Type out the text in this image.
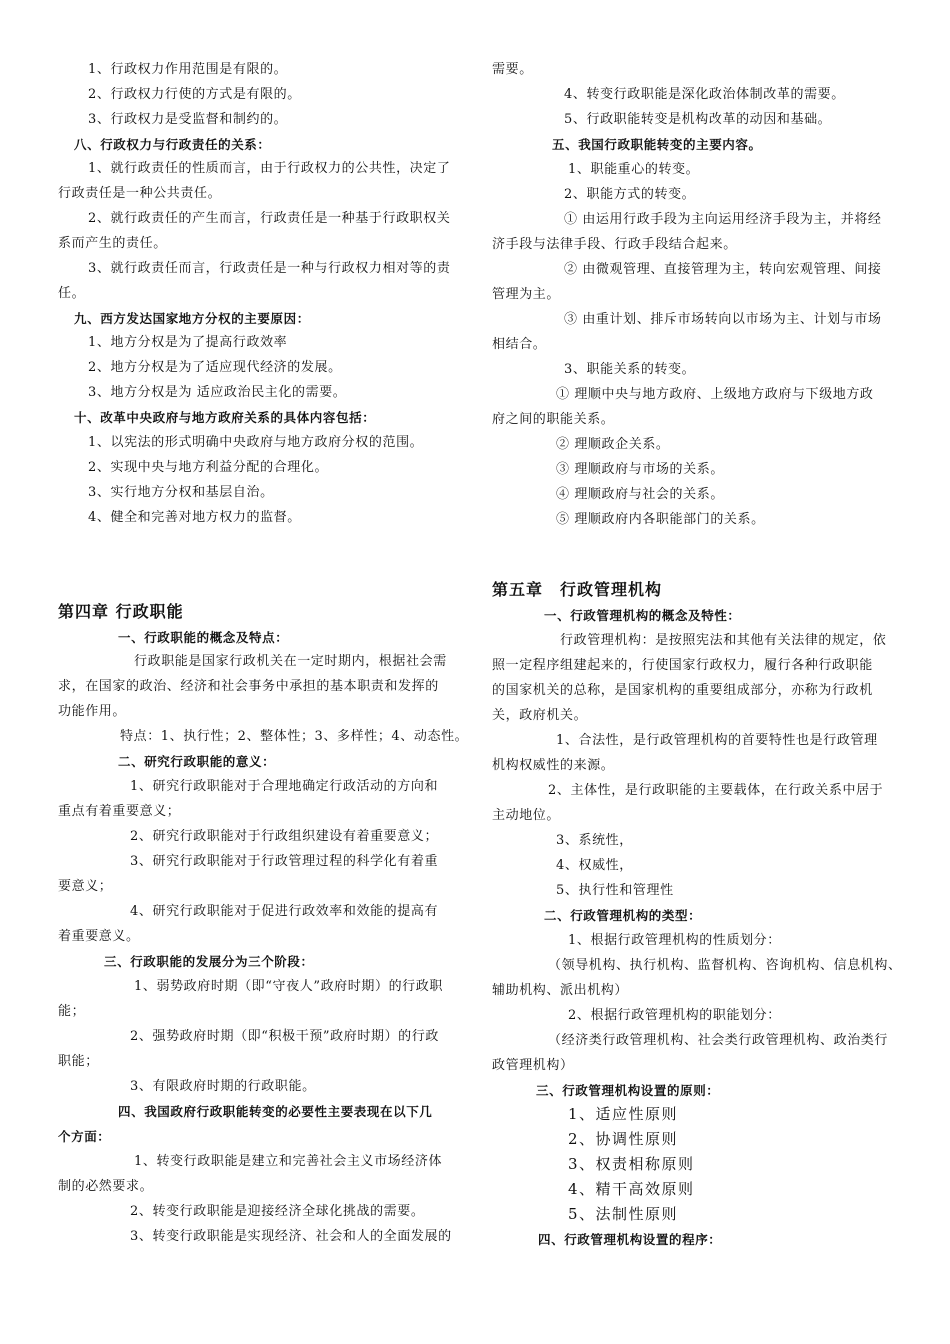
1、行政权力作用范围是有限的。
2、行政权力行使的方式是有限的。
3、行政权力是受监督和制约的。
八、行政权力与行政责任的关系：
1、就行政责任的性质而言，由于行政权力的公共性，决定了
行政责任是一种公共责任。
2、就行政责任的产生而言，行政责任是一种基于行政职权关
系而产生的责任。
3、就行政责任而言，行政责任是一种与行政权力相对等的责
任。
九、西方发达国家地方分权的主要原因：
1、地方分权是为了提高行政效率
2、地方分权是为了适应现代经济的发展。
3、地方分权是为 适应政治民主化的需要。
十、改革中央政府与地方政府关系的具体内容包括：
1、以宪法的形式明确中央政府与地方政府分权的范围。
2、实现中央与地方利益分配的合理化。
3、实行地方分权和基层自治。
4、健全和完善对地方权力的监督。
第四章 行政职能
一、行政职能的概念及特点：
行政职能是国家行政机关在一定时期内，根据社会需
求，在国家的政治、经济和社会事务中承担的基本职责和发挥的
功能作用。
特点：1、执行性；2、整体性；3、多样性；4、动态性。
二、研究行政职能的意义：
1、研究行政职能对于合理地确定行政活动的方向和
重点有着重要意义；
2、研究行政职能对于行政组织建设有着重要意义；
3、研究行政职能对于行政管理过程的科学化有着重
要意义；
4、研究行政职能对于促进行政效率和效能的提高有
着重要意义。
三、行政职能的发展分为三个阶段：
1、弱势政府时期（即“守夜人”政府时期）的行政职
能；
2、强势政府时期（即“积极干预”政府时期）的行政
职能；
3、有限政府时期的行政职能。
四、我国政府行政职能转变的必要性主要表现在以下几
个方面：
1、转变行政职能是建立和完善社会主义市场经济体
制的必然要求。
2、转变行政职能是迎接经济全球化挑战的需要。
3、转变行政职能是实现经济、社会和人的全面发展的
需要。
4、转变行政职能是深化政治体制改革的需要。
5、行政职能转变是机构改革的动因和基础。
五、我国行政职能转变的主要内容。
1、职能重心的转变。
2、职能方式的转变。
① 由运用行政手段为主向运用经济手段为主，并将经
济手段与法律手段、行政手段结合起来。
② 由微观管理、直接管理为主，转向宏观管理、间接
管理为主。
③ 由重计划、排斥市场转向以市场为主、计划与市场
相结合。
3、职能关系的转变。
① 理顺中央与地方政府、上级地方政府与下级地方政
府之间的职能关系。
② 理顺政企关系。
③ 理顺政府与市场的关系。
④ 理顺政府与社会的关系。
⑤ 理顺政府内各职能部门的关系。
第五章　行政管理机构
一、行政管理机构的概念及特性：
行政管理机构：是按照宪法和其他有关法律的规定，依
照一定程序组建起来的，行使国家行政权力，履行各种行政职能
的国家机关的总称，是国家机构的重要组成部分，亦称为行政机
关，政府机关。
1、合法性，是行政管理机构的首要特性也是行政管理
机构权威性的来源。
2、主体性，是行政职能的主要载体，在行政关系中居于
主动地位。
3、系统性，
4、权威性，
5、执行性和管理性
二、行政管理机构的类型：
1、根据行政管理机构的性质划分：
（领导机构、执行机构、监督机构、咨询机构、信息机构、
辅助机构、派出机构）
2、根据行政管理机构的职能划分：
（经济类行政管理机构、社会类行政管理机构、政治类行
政管理机构）
三、行政管理机构设置的原则：
1、适应性原则
2、协调性原则
3、权责相称原则
4、精干高效原则
5、法制性原则
四、行政管理机构设置的程序：
